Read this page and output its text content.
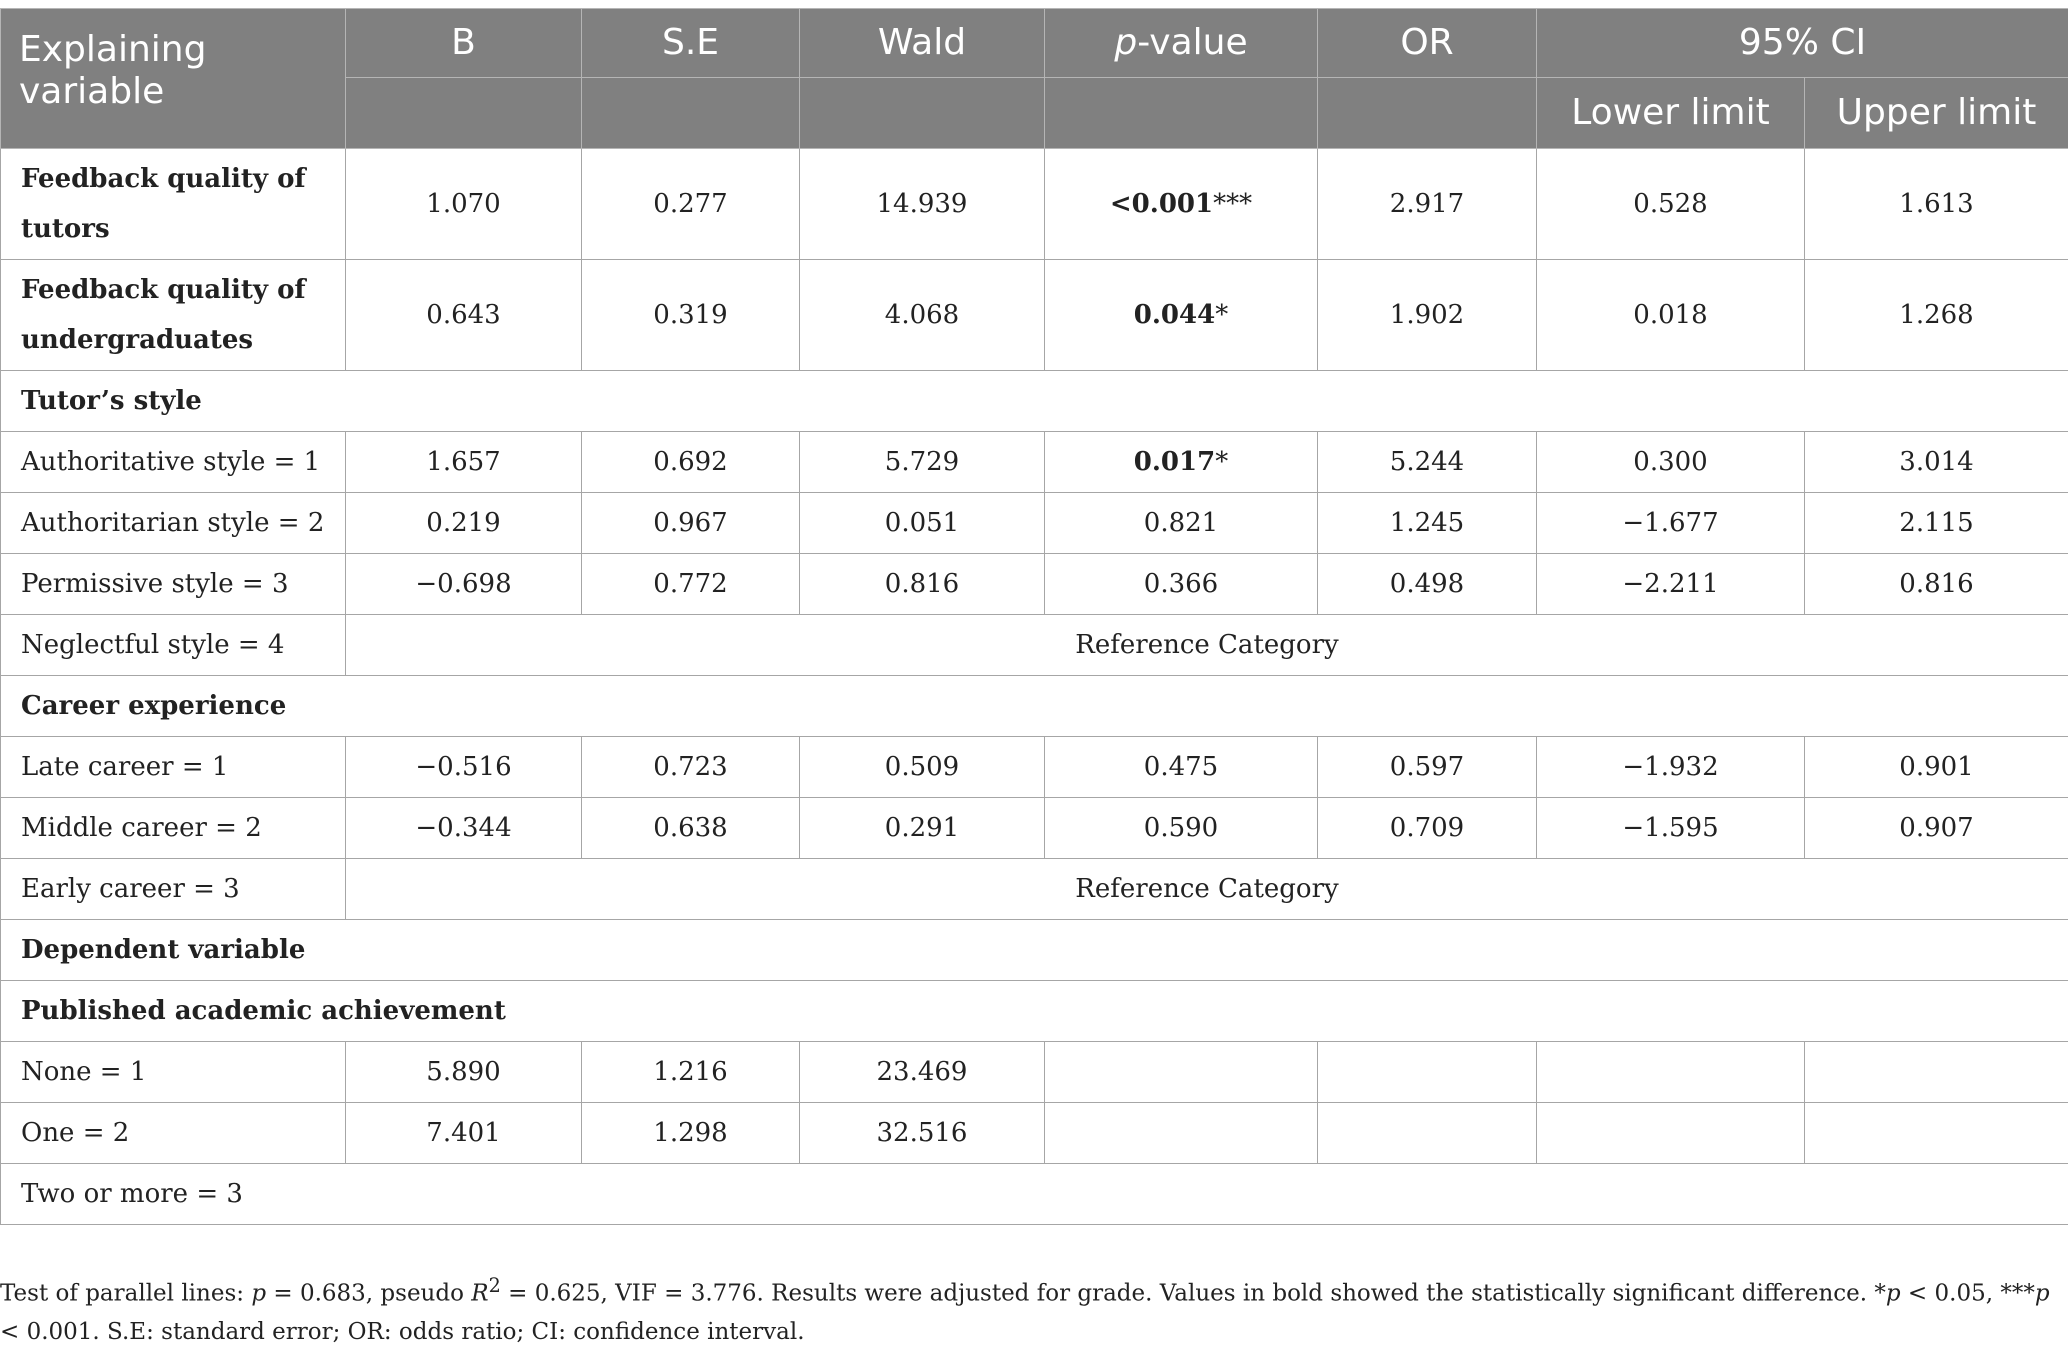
Explaining variable	B	S.E	Wald	p-value	OR	95% CI	
						Lower limit	Upper limit
Feedback quality of tutors	1.070	0.277	14.939	<0.001***	2.917	0.528	1.613
Feedback quality of undergraduates	0.643	0.319	4.068	0.044*	1.902	0.018	1.268
Tutor’s style							
Authoritative style = 1	1.657	0.692	5.729	0.017*	5.244	0.300	3.014
Authoritarian style = 2	0.219	0.967	0.051	0.821	1.245	−1.677	2.115
Permissive style = 3	−0.698	0.772	0.816	0.366	0.498	−2.211	0.816
Neglectful style = 4	Reference Category						
Career experience							
Late career = 1	−0.516	0.723	0.509	0.475	0.597	−1.932	0.901
Middle career = 2	−0.344	0.638	0.291	0.590	0.709	−1.595	0.907
Early career = 3	Reference Category						
Dependent variable							
Published academic achievement							
None = 1	5.890	1.216	23.469				
One = 2	7.401	1.298	32.516				
Two or more = 3							
Test of parallel lines: p = 0.683, pseudo $R^2 = 0.625$, VIF = 3.776. Results were adjusted for grade. Values in bold showed the statistically significant difference. *p < 0.05, ***p < 0.001. S.E: standard error; OR: odds ratio; CI: confidence interval.
